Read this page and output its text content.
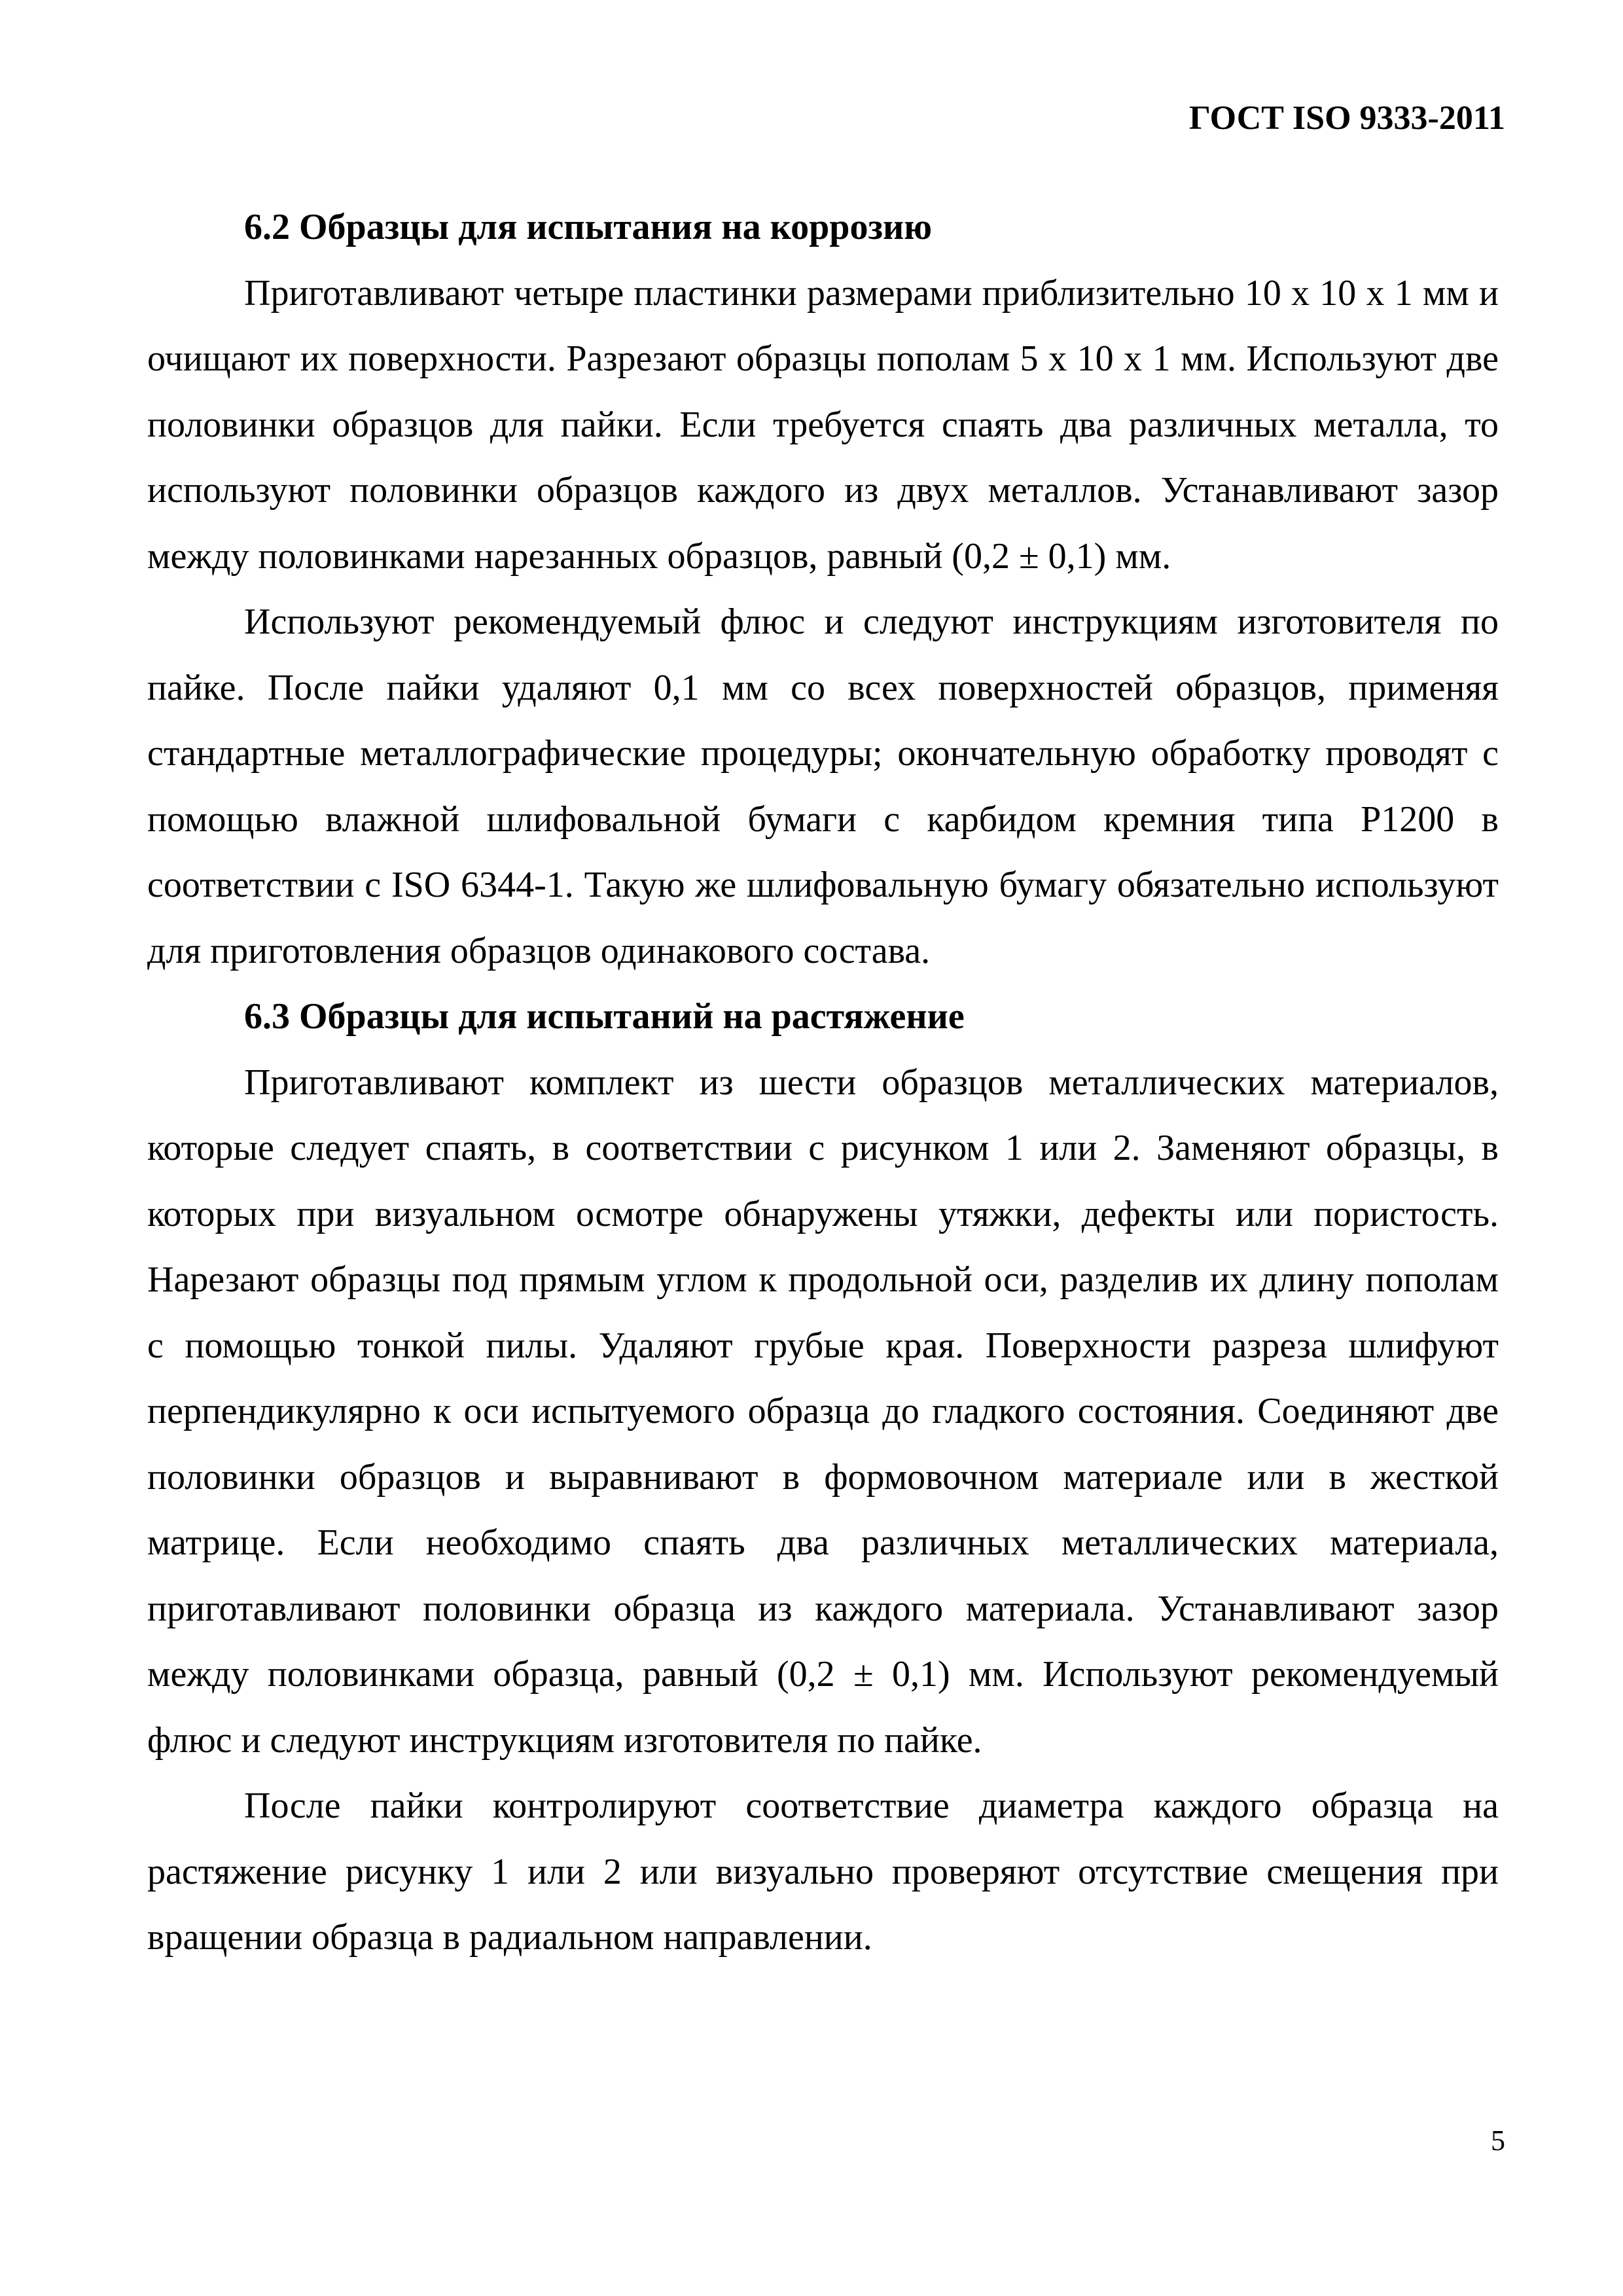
ГОСТ ISO 9333-2011
6.2 Образцы для испытания на коррозию

Приготавливают четыре пластинки размерами приблизительно 10 x 10 x 1 мм и очищают их поверхности. Разрезают образцы пополам 5 x 10 x 1 мм. Используют две половинки образцов для пайки. Если требуется спаять два различных металла, то используют половинки образцов каждого из двух металлов. Устанавливают зазор между половинками нарезанных образцов, равный (0,2 ± 0,1) мм.

Используют рекомендуемый флюс и следуют инструкциям изготовителя по пайке. После пайки удаляют 0,1 мм со всех поверхностей образцов, применяя стандартные металлографические процедуры; окончательную обработку проводят с помощью влажной шлифовальной бумаги с карбидом кремния типа P1200 в соответствии с ISO 6344-1. Такую же шлифовальную бумагу обязательно используют для приготовления образцов одинакового состава.

6.3 Образцы для испытаний на растяжение

Приготавливают комплект из шести образцов металлических материалов, которые следует спаять, в соответствии с рисунком 1 или 2. Заменяют образцы, в которых при визуальном осмотре обнаружены утяжки, дефекты или пористость. Нарезают образцы под прямым углом к продольной оси, разделив их длину пополам  с помощью тонкой пилы. Удаляют грубые края. Поверхности разреза шлифуют перпендикулярно к оси испытуемого образца до гладкого состояния. Соединяют две половинки образцов и выравнивают в формовочном материале или в жесткой матрице. Если необходимо спаять два различных металлических материала, приготавливают половинки образца из каждого материала. Устанавливают зазор между половинками образца, равный (0,2 ± 0,1) мм. Используют рекомендуемый флюс и следуют инструкциям изготовителя по пайке.

После пайки контролируют соответствие диаметра каждого образца на растяжение рисунку 1 или 2 или визуально проверяют отсутствие смещения при вращении образца в радиальном направлении.

5
